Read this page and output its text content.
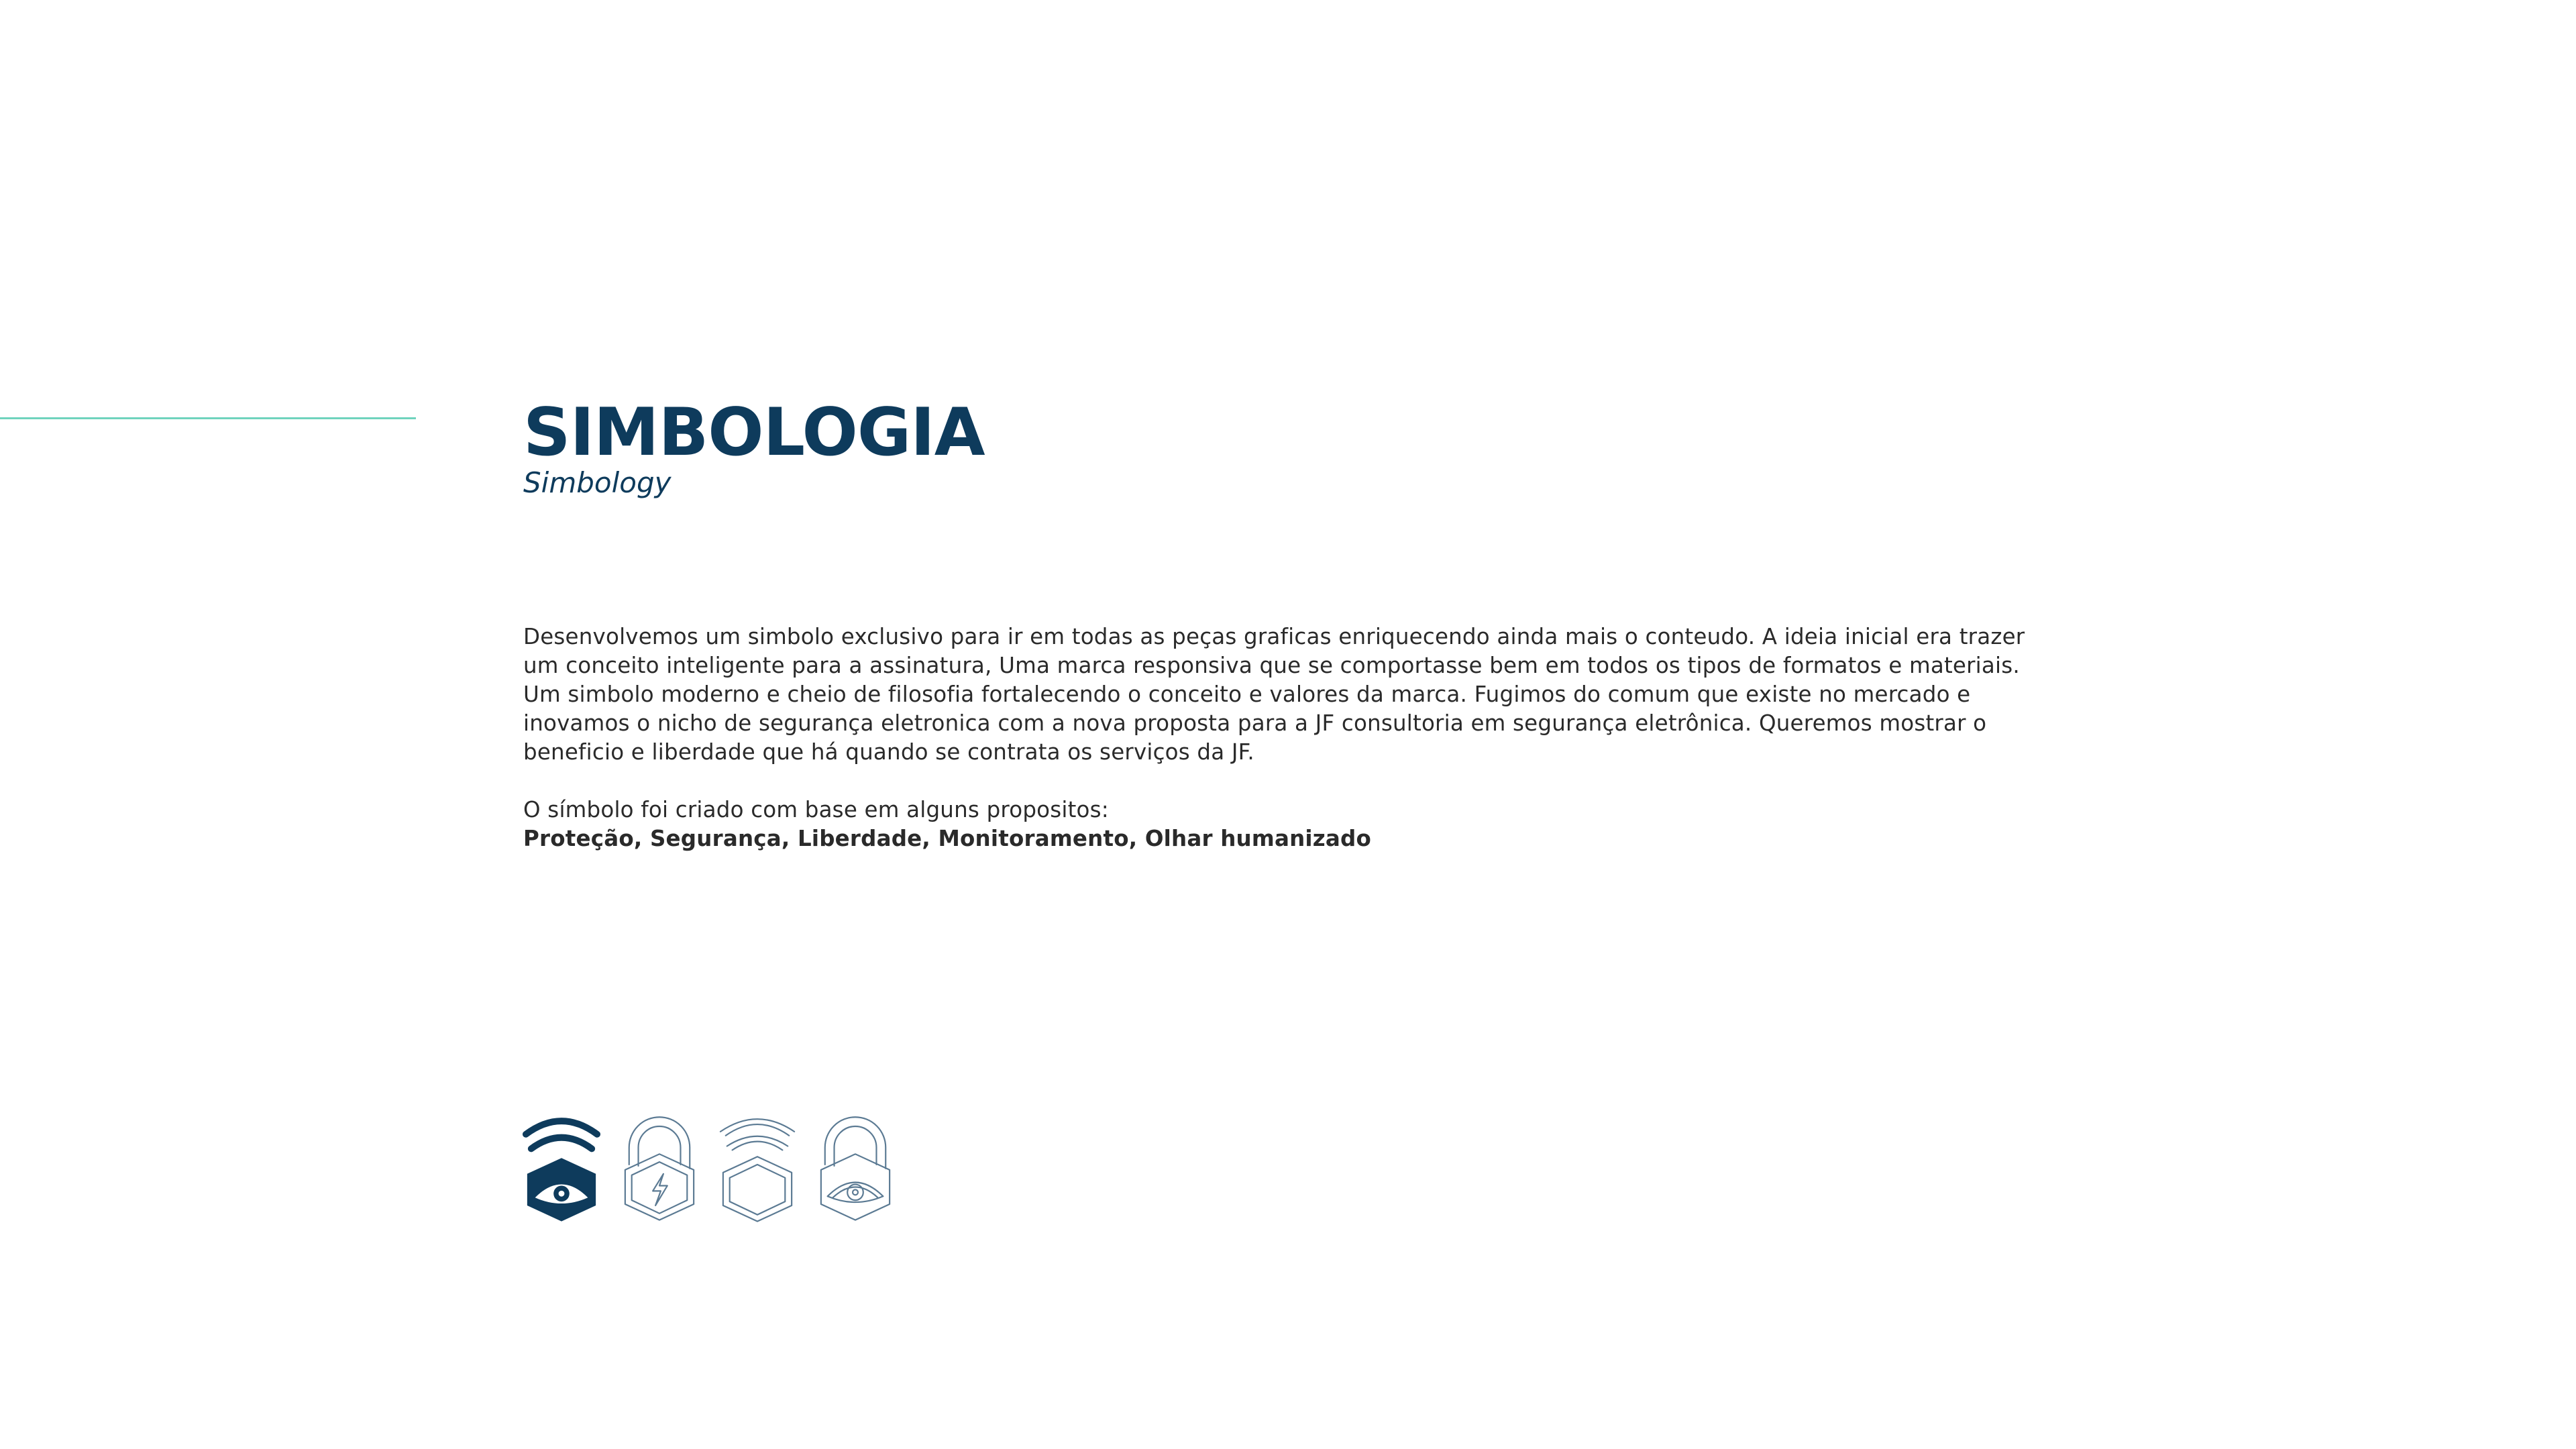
SIMBOLOGIA

Simbology

Desenvolvemos um simbolo exclusivo para ir em todas as peças graficas enriquecendo ainda mais o conteudo. A ideia inicial era trazer um conceito inteligente para a assinatura, Uma marca responsiva que se comportasse bem em todos os tipos de formatos e materiais. Um simbolo moderno e cheio de filosofia fortalecendo o conceito e valores da marca. Fugimos do comum que existe no mercado e inovamos o nicho de segurança eletronica com a nova proposta para a JF consultoria em segurança eletrônica. Queremos mostrar o beneficio e liberdade que há quando se contrata os serviços da JF.

O símbolo foi criado com base em alguns propositos:

Proteção, Segurança, Liberdade, Monitoramento, Olhar humanizado
